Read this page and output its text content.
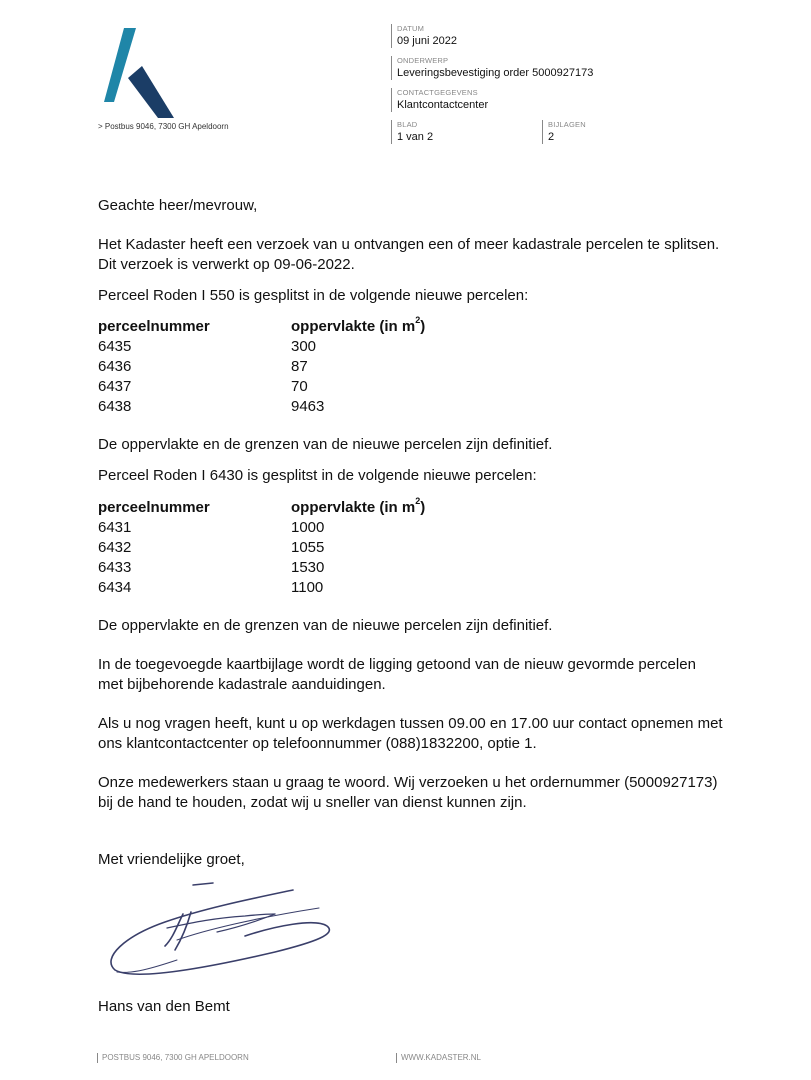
> Postbus 9046, 7300 GH Apeldoorn
DATUM
09 juni 2022
ONDERWERP
Leveringsbevestiging order 5000927173
CONTACTGEGEVENS
Klantcontactcenter
BLAD
1 van 2
BIJLAGEN
2

Geachte heer/mevrouw,

Het Kadaster heeft een verzoek van u ontvangen een of meer kadastrale percelen te splitsen. Dit verzoek is verwerkt op 09-06-2022.

Perceel Roden I 550 is gesplitst in de volgende nieuwe percelen:

perceelnummer	oppervlakte (in $m^2$)
6435	300
6436	87
6437	70
6438	9463

De oppervlakte en de grenzen van de nieuwe percelen zijn definitief.

Perceel Roden I 6430 is gesplitst in de volgende nieuwe percelen:

perceelnummer	oppervlakte (in $m^2$)
6431	1000
6432	1055
6433	1530
6434	1100

De oppervlakte en de grenzen van de nieuwe percelen zijn definitief.

In de toegevoegde kaartbijlage wordt de ligging getoond van de nieuw gevormde percelen met bijbehorende kadastrale aanduidingen.

Als u nog vragen heeft, kunt u op werkdagen tussen 09.00 en 17.00 uur contact opnemen met ons klantcontactcenter op telefoonnummer (088)1832200, optie 1.

Onze medewerkers staan u graag te woord. Wij verzoeken u het ordernummer (5000927173) bij de hand te houden, zodat wij u sneller van dienst kunnen zijn.

Met vriendelijke groet,

Hans van den Bemt

POSTBUS 9046, 7300 GH APELDOORN	WWW.KADASTER.NL
